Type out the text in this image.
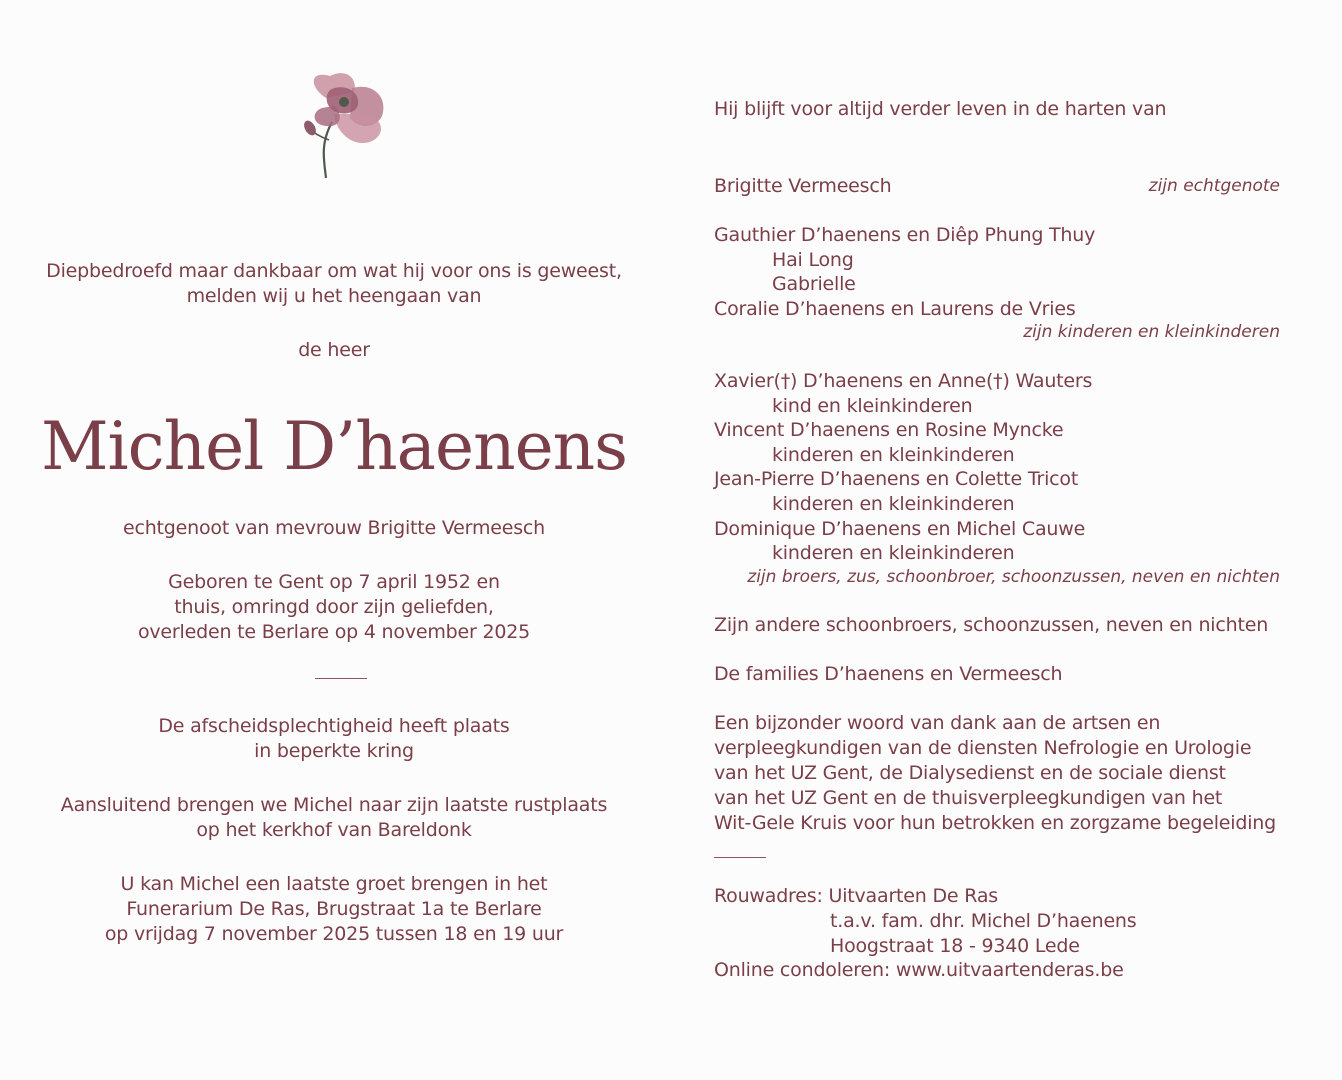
Diepbedroefd maar dankbaar om wat hij voor ons is geweest,
melden wij u het heengaan van
de heer
Michel D’haenens
echtgenoot van mevrouw Brigitte Vermeesch
Geboren te Gent op 7 april 1952 en
thuis, omringd door zijn geliefden,
overleden te Berlare op 4 november 2025
De afscheidsplechtigheid heeft plaats
in beperkte kring
Aansluitend brengen we Michel naar zijn laatste rustplaats
op het kerkhof van Bareldonk
U kan Michel een laatste groet brengen in het
Funerarium De Ras, Brugstraat 1a te Berlare
op vrijdag 7 november 2025 tussen 18 en 19 uur
Hij blijft voor altijd verder leven in de harten van
Brigitte Vermeesch	zijn echtgenote
Gauthier D’haenens en Diêp Phung Thuy
Hai Long
Gabrielle
Coralie D’haenens en Laurens de Vries
zijn kinderen en kleinkinderen
Xavier(†) D’haenens en Anne(†) Wauters
kind en kleinkinderen
Vincent D’haenens en Rosine Myncke
kinderen en kleinkinderen
Jean-Pierre D’haenens en Colette Tricot
kinderen en kleinkinderen
Dominique D’haenens en Michel Cauwe
kinderen en kleinkinderen
zijn broers, zus, schoonbroer, schoonzussen, neven en nichten
Zijn andere schoonbroers, schoonzussen, neven en nichten
De families D’haenens en Vermeesch
Een bijzonder woord van dank aan de artsen en
verpleegkundigen van de diensten Nefrologie en Urologie
van het UZ Gent, de Dialysedienst en de sociale dienst
van het UZ Gent en de thuisverpleegkundigen van het
Wit-Gele Kruis voor hun betrokken en zorgzame begeleiding
Rouwadres: Uitvaarten De Ras
t.a.v. fam. dhr. Michel D’haenens
Hoogstraat 18 - 9340 Lede
Online condoleren: www.uitvaartenderas.be
